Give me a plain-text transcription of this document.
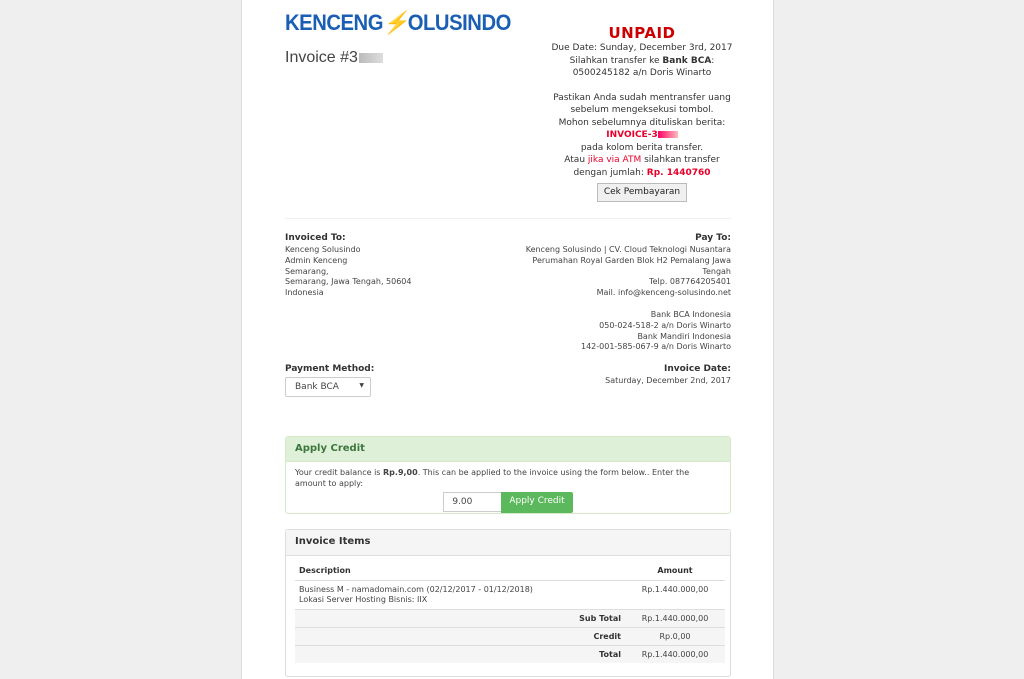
KENCENG⚡OLUSINDO
Invoice #3
UNPAID
Due Date: Sunday, December 3rd, 2017
Silahkan transfer ke Bank BCA:
0500245182 a/n Doris Winarto
Pastikan Anda sudah mentransfer uang
sebelum mengeksekusi tombol.
Mohon sebelumnya dituliskan berita:
INVOICE-3
pada kolom berita transfer.
Atau jika via ATM silahkan transfer
dengan jumlah: Rp. 1440760
Cek Pembayaran
Invoiced To:
Kenceng Solusindo
Admin Kenceng
Semarang,
Semarang, Jawa Tengah, 50604
Indonesia
Pay To:
Kenceng Solusindo | CV. Cloud Teknologi Nusantara
Perumahan Royal Garden Blok H2 Pemalang Jawa
Tengah
Telp. 087764205401
Mail. info@kenceng-solusindo.net
Bank BCA Indonesia
050-024-518-2 a/n Doris Winarto
Bank Mandiri Indonesia
142-001-585-067-9 a/n Doris Winarto
Payment Method:
Bank BCA	▼
Invoice Date:
Saturday, December 2nd, 2017
Apply Credit
Your credit balance is Rp.9,00. This can be applied to the invoice using the form below.. Enter the amount to apply:
9.00	Apply Credit
Invoice Items
Description	Amount

Business M - namadomain.com (02/12/2017 - 01/12/2018)
Lokasi Server Hosting Bisnis: IIX	Rp.1.440.000,00
Sub Total	Rp.1.440.000,00
Credit	Rp.0,00
Total	Rp.1.440.000,00
